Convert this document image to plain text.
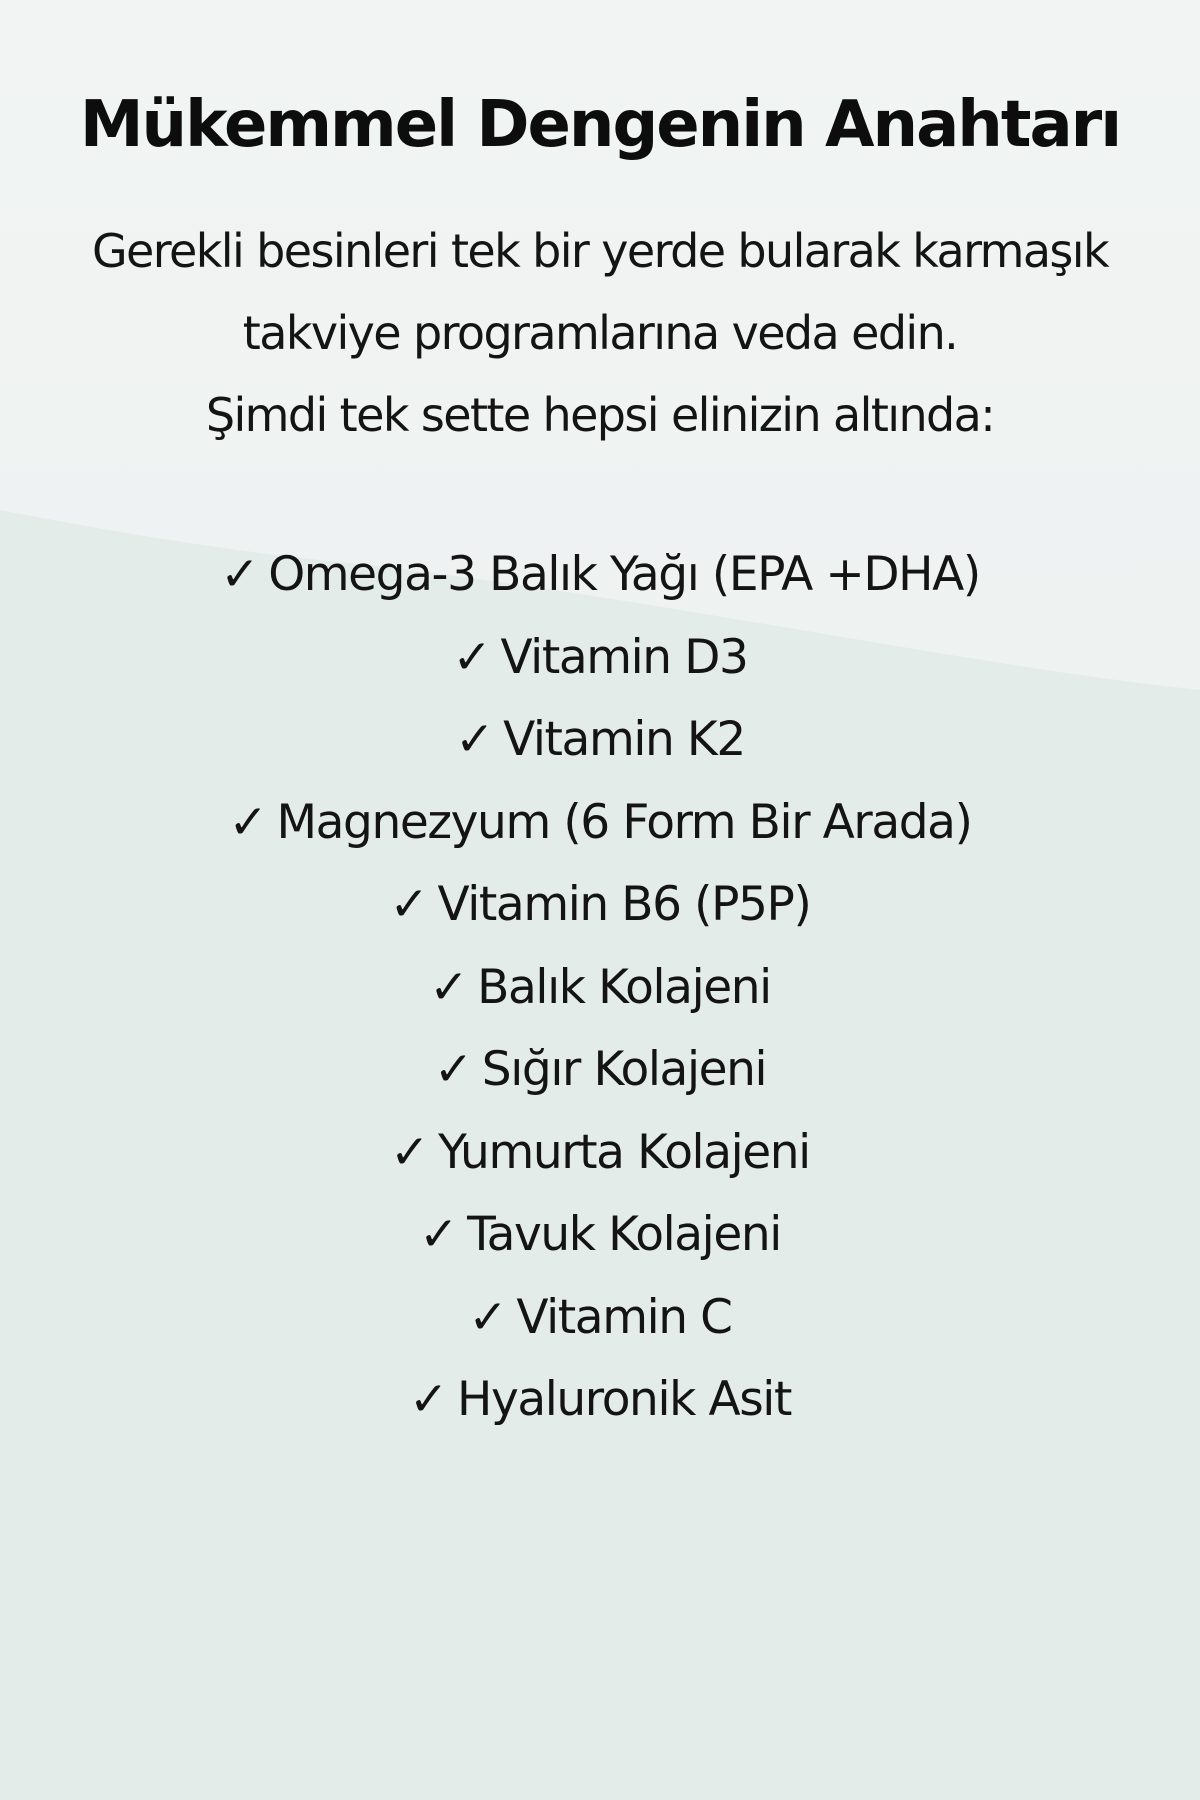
Mükemmel Dengenin Anahtarı
Gerekli besinleri tek bir yerde bularak karmaşık
takviye programlarına veda edin.
Şimdi tek sette hepsi elinizin altında:
✓ Omega-3 Balık Yağı (EPA +DHA)
✓ Vitamin D3
✓ Vitamin K2
✓ Magnezyum (6 Form Bir Arada)
✓ Vitamin B6 (P5P)
✓ Balık Kolajeni
✓ Sığır Kolajeni
✓ Yumurta Kolajeni
✓ Tavuk Kolajeni
✓ Vitamin C
✓ Hyaluronik Asit
